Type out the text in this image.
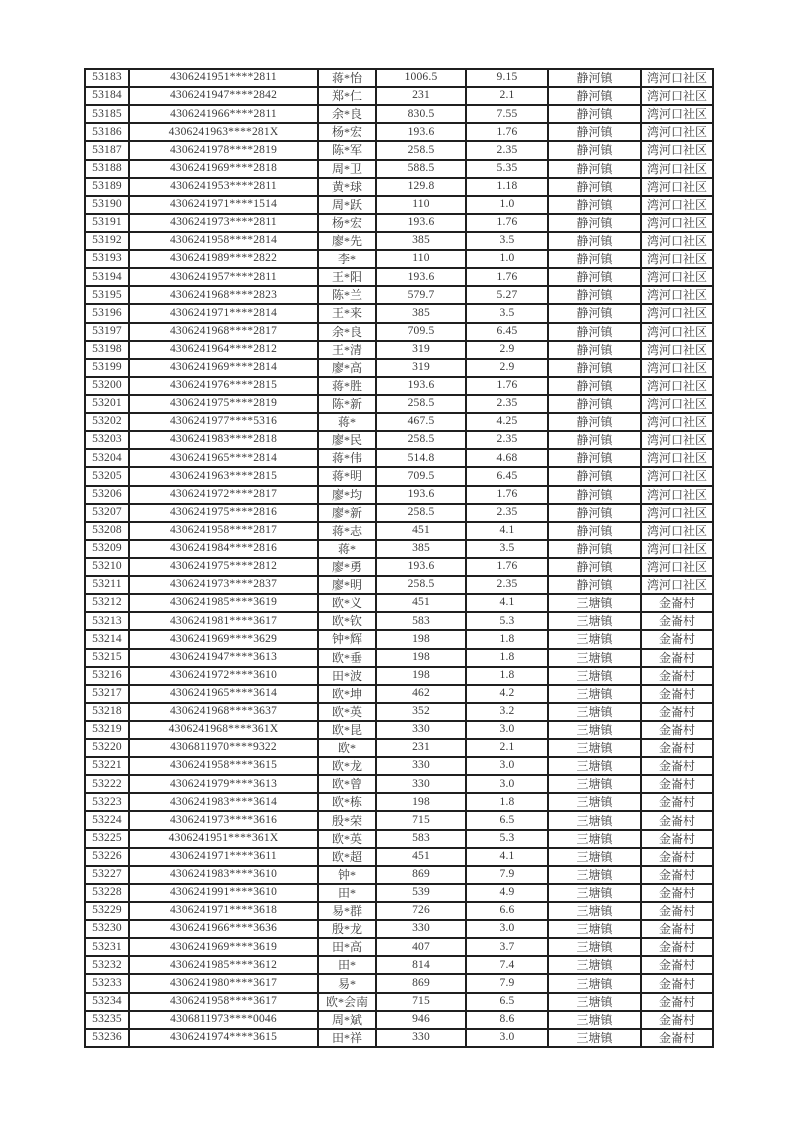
53183	4306241951****2811	蒋*怡	1006.5	9.15	静河镇	湾河口社区
53184	4306241947****2842	郑*仁	231	2.1	静河镇	湾河口社区
53185	4306241966****2811	余*良	830.5	7.55	静河镇	湾河口社区
53186	4306241963****281X	杨*宏	193.6	1.76	静河镇	湾河口社区
53187	4306241978****2819	陈*军	258.5	2.35	静河镇	湾河口社区
53188	4306241969****2818	周*卫	588.5	5.35	静河镇	湾河口社区
53189	4306241953****2811	黄*球	129.8	1.18	静河镇	湾河口社区
53190	4306241971****1514	周*跃	110	1.0	静河镇	湾河口社区
53191	4306241973****2811	杨*宏	193.6	1.76	静河镇	湾河口社区
53192	4306241958****2814	廖*先	385	3.5	静河镇	湾河口社区
53193	4306241989****2822	李*	110	1.0	静河镇	湾河口社区
53194	4306241957****2811	王*阳	193.6	1.76	静河镇	湾河口社区
53195	4306241968****2823	陈*兰	579.7	5.27	静河镇	湾河口社区
53196	4306241971****2814	王*来	385	3.5	静河镇	湾河口社区
53197	4306241968****2817	余*良	709.5	6.45	静河镇	湾河口社区
53198	4306241964****2812	王*清	319	2.9	静河镇	湾河口社区
53199	4306241969****2814	廖*高	319	2.9	静河镇	湾河口社区
53200	4306241976****2815	蒋*胜	193.6	1.76	静河镇	湾河口社区
53201	4306241975****2819	陈*新	258.5	2.35	静河镇	湾河口社区
53202	4306241977****5316	蒋*	467.5	4.25	静河镇	湾河口社区
53203	4306241983****2818	廖*民	258.5	2.35	静河镇	湾河口社区
53204	4306241965****2814	蒋*伟	514.8	4.68	静河镇	湾河口社区
53205	4306241963****2815	蒋*明	709.5	6.45	静河镇	湾河口社区
53206	4306241972****2817	廖*均	193.6	1.76	静河镇	湾河口社区
53207	4306241975****2816	廖*新	258.5	2.35	静河镇	湾河口社区
53208	4306241958****2817	蒋*志	451	4.1	静河镇	湾河口社区
53209	4306241984****2816	蒋*	385	3.5	静河镇	湾河口社区
53210	4306241975****2812	廖*勇	193.6	1.76	静河镇	湾河口社区
53211	4306241973****2837	廖*明	258.5	2.35	静河镇	湾河口社区
53212	4306241985****3619	欧*义	451	4.1	三塘镇	金崙村
53213	4306241981****3617	欧*钦	583	5.3	三塘镇	金崙村
53214	4306241969****3629	钟*辉	198	1.8	三塘镇	金崙村
53215	4306241947****3613	欧*垂	198	1.8	三塘镇	金崙村
53216	4306241972****3610	田*波	198	1.8	三塘镇	金崙村
53217	4306241965****3614	欧*坤	462	4.2	三塘镇	金崙村
53218	4306241968****3637	欧*英	352	3.2	三塘镇	金崙村
53219	4306241968****361X	欧*昆	330	3.0	三塘镇	金崙村
53220	4306811970****9322	欧*	231	2.1	三塘镇	金崙村
53221	4306241958****3615	欧*龙	330	3.0	三塘镇	金崙村
53222	4306241979****3613	欧*曾	330	3.0	三塘镇	金崙村
53223	4306241983****3614	欧*栋	198	1.8	三塘镇	金崙村
53224	4306241973****3616	殷*荣	715	6.5	三塘镇	金崙村
53225	4306241951****361X	欧*英	583	5.3	三塘镇	金崙村
53226	4306241971****3611	欧*超	451	4.1	三塘镇	金崙村
53227	4306241983****3610	钟*	869	7.9	三塘镇	金崙村
53228	4306241991****3610	田*	539	4.9	三塘镇	金崙村
53229	4306241971****3618	易*群	726	6.6	三塘镇	金崙村
53230	4306241966****3636	殷*龙	330	3.0	三塘镇	金崙村
53231	4306241969****3619	田*高	407	3.7	三塘镇	金崙村
53232	4306241985****3612	田*	814	7.4	三塘镇	金崙村
53233	4306241980****3617	易*	869	7.9	三塘镇	金崙村
53234	4306241958****3617	欧*会南	715	6.5	三塘镇	金崙村
53235	4306811973****0046	周*斌	946	8.6	三塘镇	金崙村
53236	4306241974****3615	田*祥	330	3.0	三塘镇	金崙村
